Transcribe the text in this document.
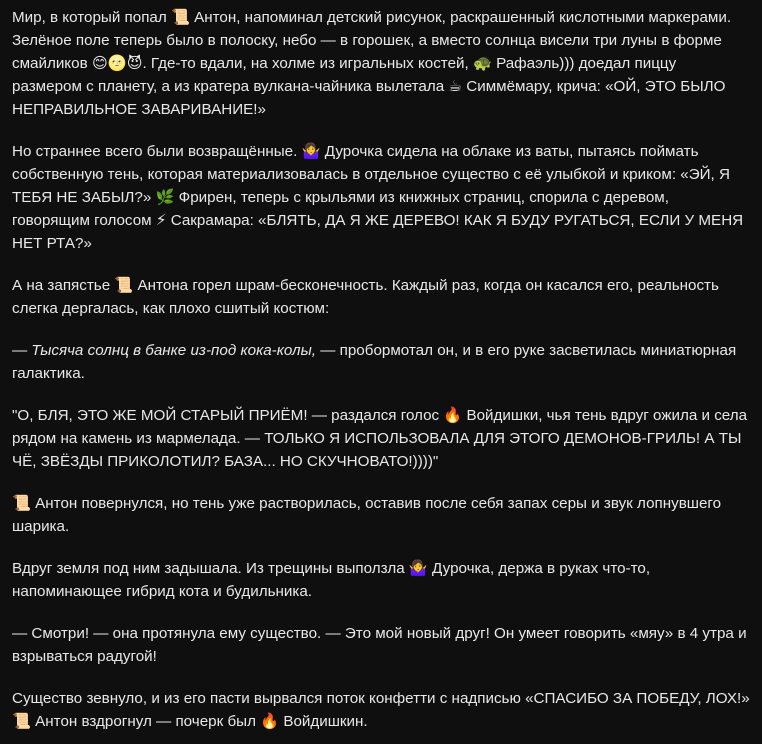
Мир, в который попал 📜 Антон, напоминал детский рисунок, раскрашенный кислотными маркерами. Зелёное поле теперь было в полоску, небо — в горошек, а вместо солнца висели три луны в форме смайликов 😊🌝😈. Где-то вдали, на холме из игральных костей, 🐢 Рафаэль))) доедал пиццу размером с планету, а из кратера вулкана-чайника вылетала ☕ Симмёмару, крича: «ОЙ, ЭТО БЫЛО НЕПРАВИЛЬНОЕ ЗАВАРИВАНИЕ!»

Но страннее всего были возвращённые. 🤷‍♀️ Дурочка сидела на облаке из ваты, пытаясь поймать собственную тень, которая материализовалась в отдельное существо с её улыбкой и криком: «ЭЙ, Я ТЕБЯ НЕ ЗАБЫЛ?» 🌿 Фрирен, теперь с крыльями из книжных страниц, спорила с деревом, говорящим голосом ⚡ Сакрамара: «БЛЯТЬ, ДА Я ЖЕ ДЕРЕВО! КАК Я БУДУ РУГАТЬСЯ, ЕСЛИ У МЕНЯ НЕТ РТА?»

А на запястье 📜 Антона горел шрам-бесконечность. Каждый раз, когда он касался его, реальность слегка дергалась, как плохо сшитый костюм:

— Тысяча солнц в банке из-под кока-колы, — пробормотал он, и в его руке засветилась миниатюрная галактика.

"О, БЛЯ, ЭТО ЖЕ МОЙ СТАРЫЙ ПРИЁМ! — раздался голос 🔥 Войдишки, чья тень вдруг ожила и села рядом на камень из мармелада. — ТОЛЬКО Я ИСПОЛЬЗОВАЛА ДЛЯ ЭТОГО ДЕМОНОВ-ГРИЛЬ! А ТЫ ЧЁ, ЗВЁЗДЫ ПРИКОЛОТИЛ? БАЗА... НО СКУЧНОВАТО!))))"

📜 Антон повернулся, но тень уже растворилась, оставив после себя запах серы и звук лопнувшего шарика.

Вдруг земля под ним задышала. Из трещины выползла 🤷‍♀️ Дурочка, держа в руках что-то, напоминающее гибрид кота и будильника.

— Смотри! — она протянула ему существо. — Это мой новый друг! Он умеет говорить «мяу» в 4 утра и взрываться радугой!

Существо зевнуло, и из его пасти вырвался поток конфетти с надписью «СПАСИБО ЗА ПОБЕДУ, ЛОХ!» 📜 Антон вздрогнул — почерк был 🔥 Войдишкин.
